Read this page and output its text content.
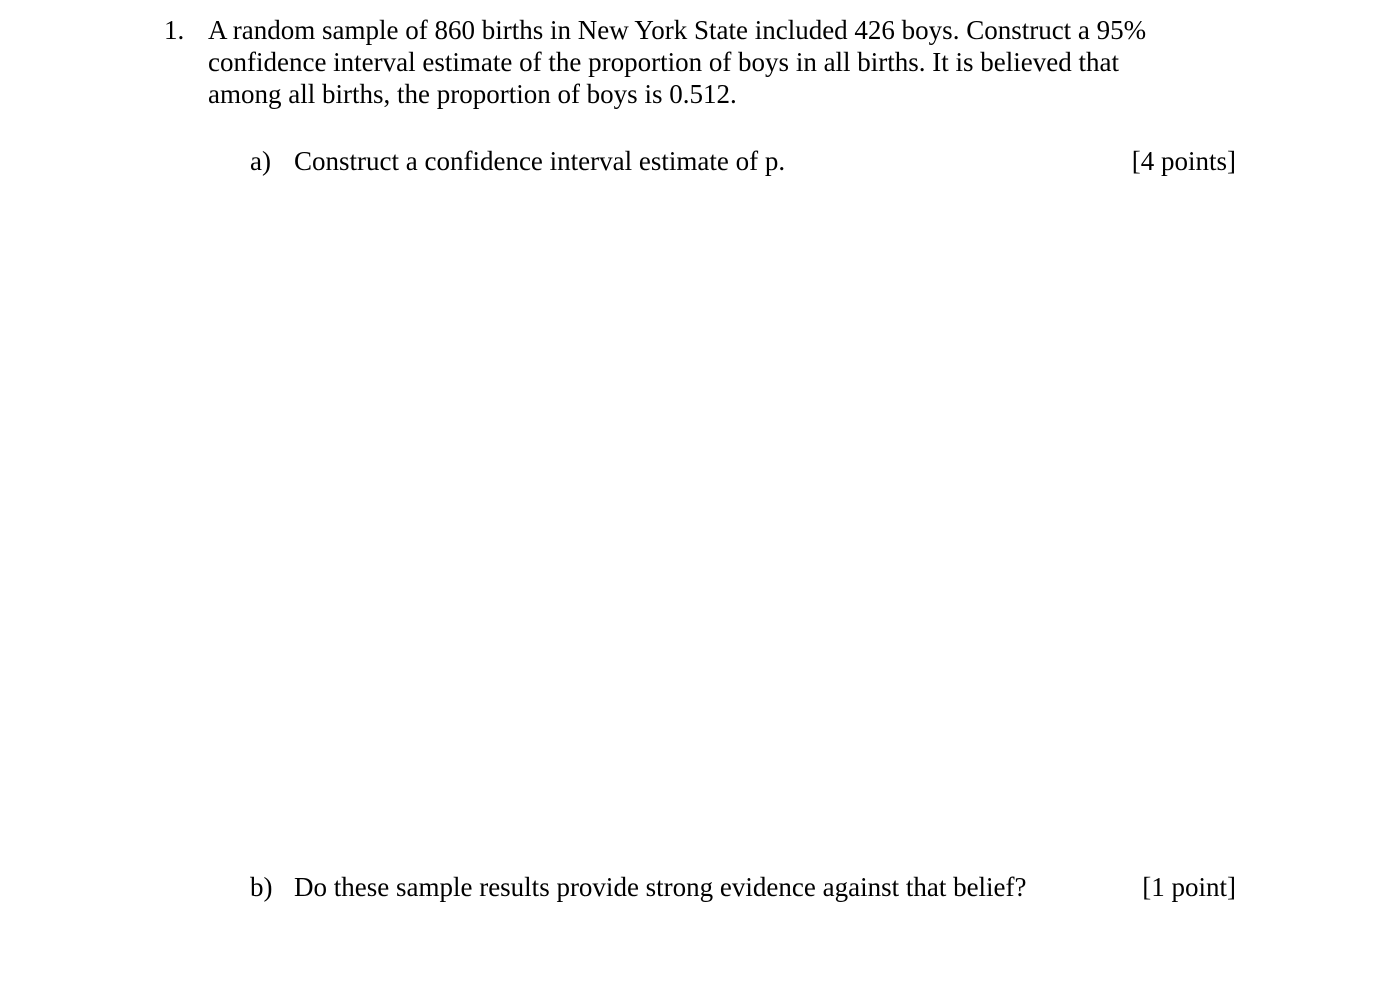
1. A random sample of 860 births in New York State included 426 boys. Construct a 95%
confidence interval estimate of the proportion of boys in all births. It is believed that
among all births, the proportion of boys is 0.512.
a) Construct a confidence interval estimate of p.	[4 points]
b) Do these sample results provide strong evidence against that belief?	[1 point]
